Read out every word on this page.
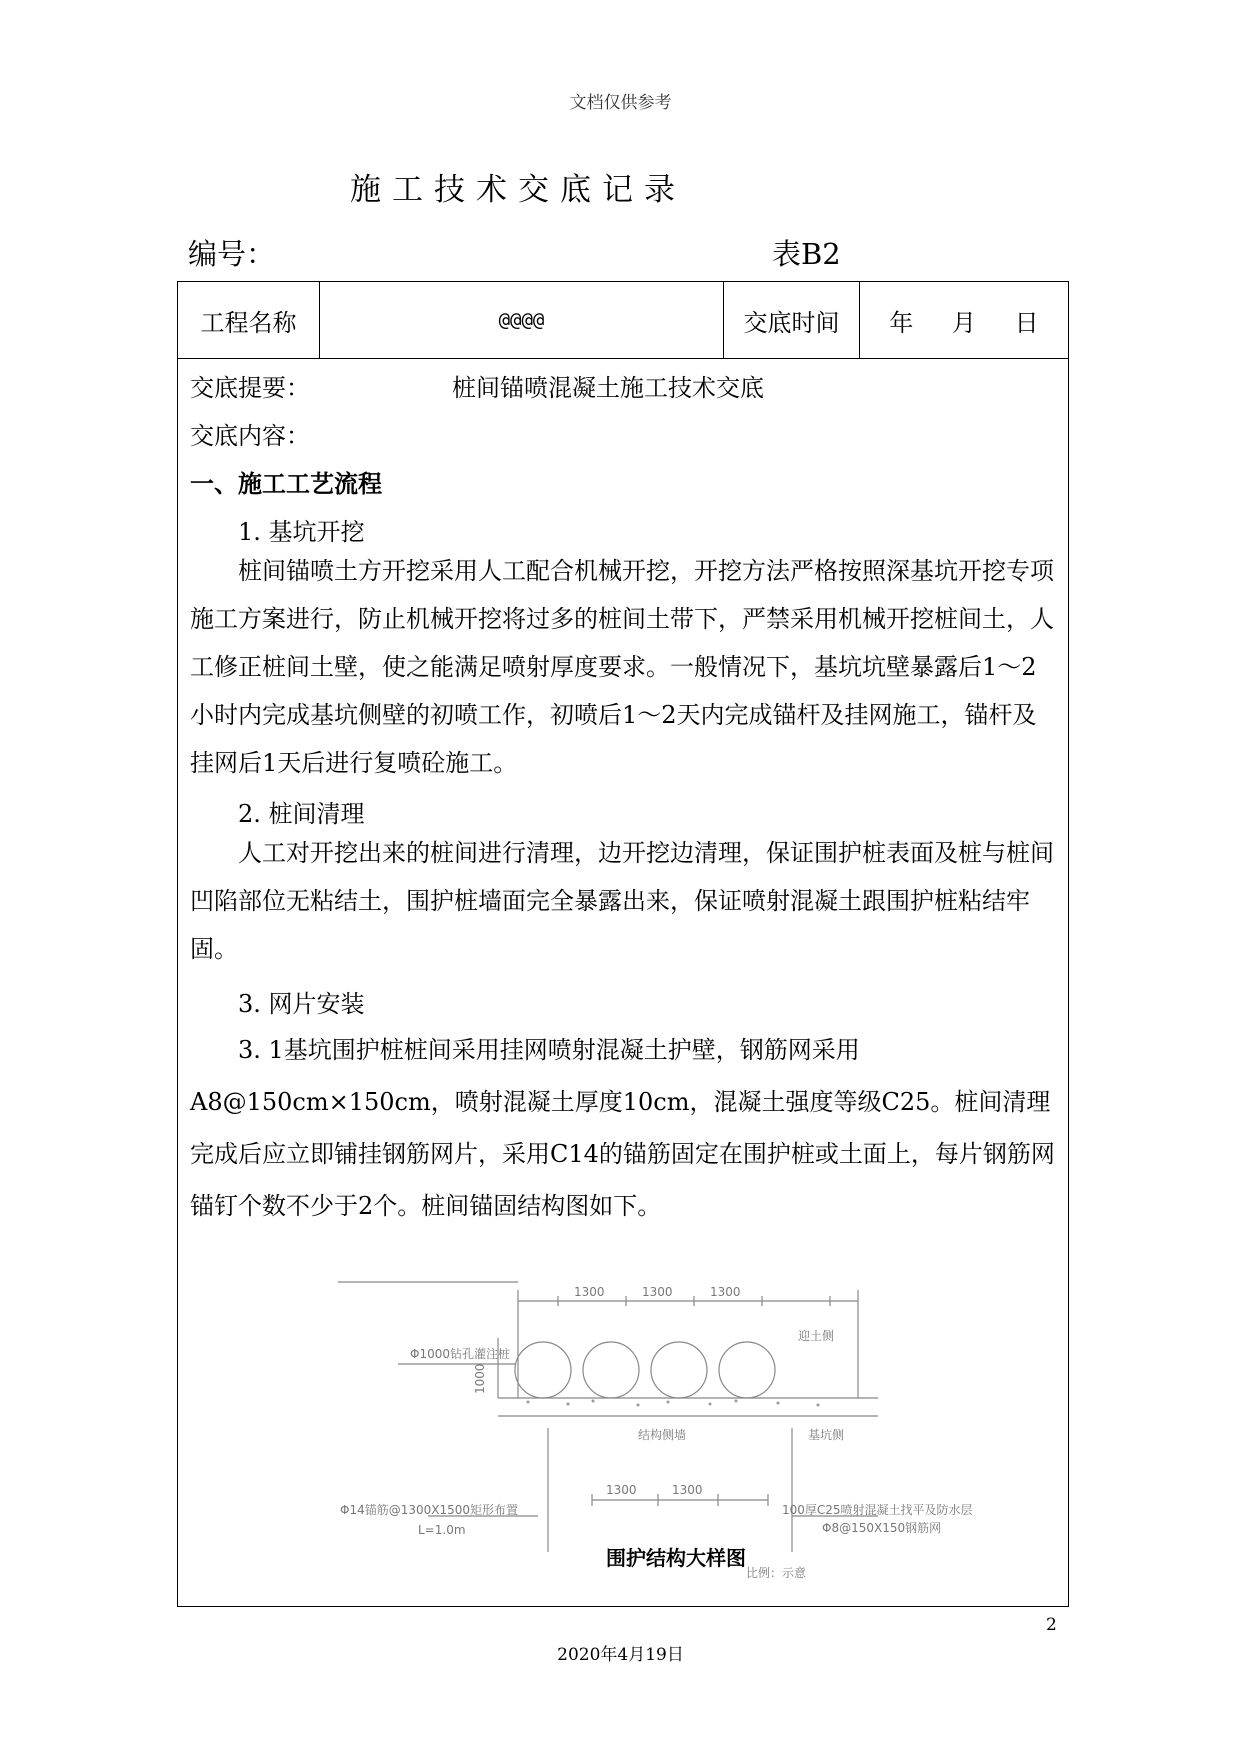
文档仅供参考
施工技术交底记录
编号：	表B2
工程名称	@@@@	交底时间	年 月 日
交底提要：	桩间锚喷混凝土施工技术交底
交底内容：
一、施工工艺流程
1. 基坑开挖

桩间锚喷土方开挖采用人工配合机械开挖，开挖方法严格按照深基坑开挖专项施工方案进行，防止机械开挖将过多的桩间土带下，严禁采用机械开挖桩间土，人工修正桩间土壁，使之能满足喷射厚度要求。一般情况下，基坑坑壁暴露后1～2小时内完成基坑侧壁的初喷工作，初喷后1～2天内完成锚杆及挂网施工，锚杆及挂网后1天后进行复喷砼施工。

2. 桩间清理

人工对开挖出来的桩间进行清理，边开挖边清理，保证围护桩表面及桩与桩间凹陷部位无粘结土，围护桩墙面完全暴露出来，保证喷射混凝土跟围护桩粘结牢固。

3. 网片安装

3. 1基坑围护桩桩间采用挂网喷射混凝土护壁，钢筋网采用A8@150cm×150cm，喷射混凝土厚度10cm，混凝土强度等级C25。桩间清理完成后应立即铺挂钢筋网片，采用C14的锚筋固定在围护桩或土面上，每片钢筋网锚钉个数不少于2个。桩间锚固结构图如下。

1300	1300	1300
Φ1000钻孔灌注桩
迎土侧
1000
结构侧墙	基坑侧
Φ14锚筋@1300X1500矩形布置
L=1.0m
1300	1300
100厚C25喷射混凝土找平及防水层
Φ8@150X150钢筋网
比例：示意
围护结构大样图
2
2020年4月19日
